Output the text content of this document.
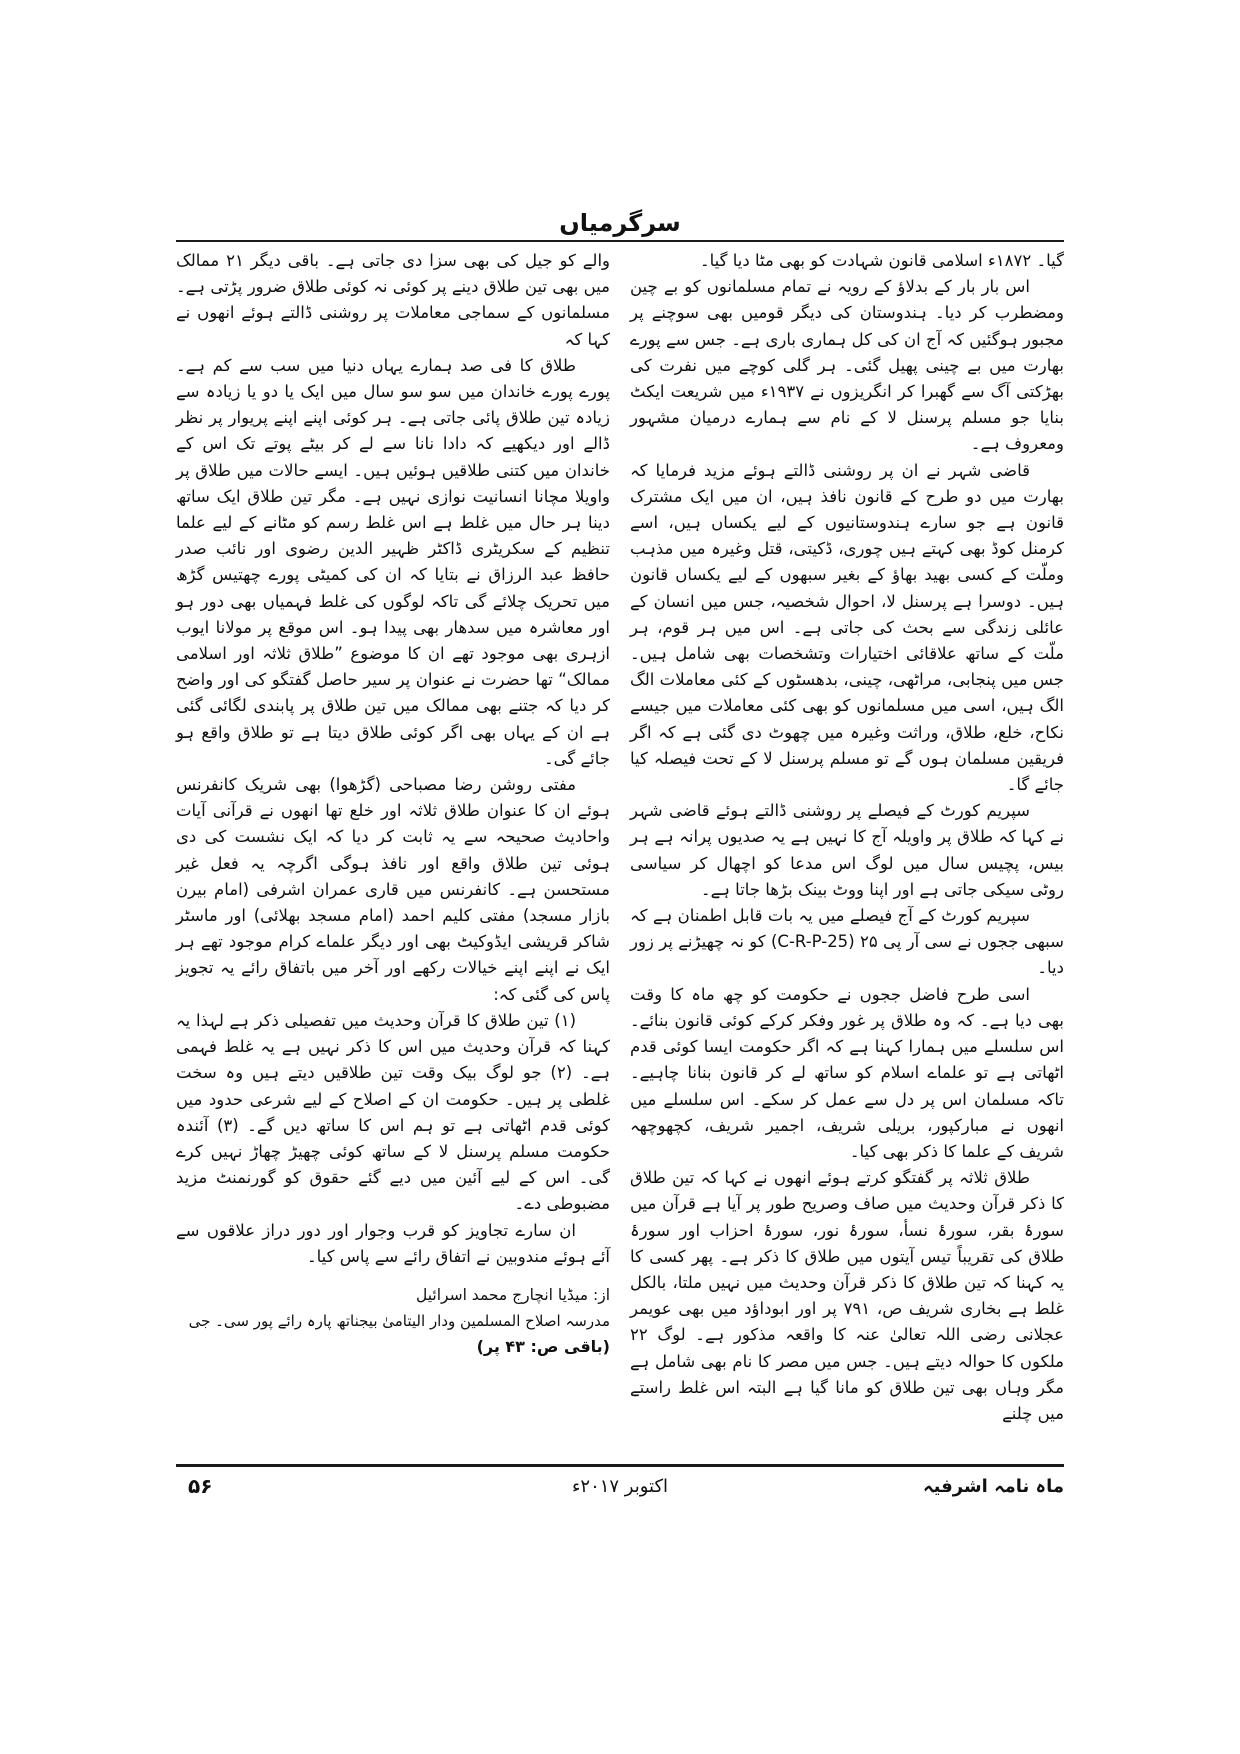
سرگرمیاں

گیا۔ ۱۸۷۲ء اسلامی قانون شہادت کو بھی مٹا دیا گیا۔

اس بار بار کے بدلاؤ کے رویہ نے تمام مسلمانوں کو بے چین ومضطرب کر دیا۔ ہندوستان کی دیگر قومیں بھی سوچنے پر مجبور ہوگئیں کہ آج ان کی کل ہماری باری ہے۔ جس سے پورے بھارت میں بے چینی پھیل گئی۔ ہر گلی کوچے میں نفرت کی بھڑکتی آگ سے گھبرا کر انگریزوں نے ۱۹۳۷ء میں شریعت ایکٹ بنایا جو مسلم پرسنل لا کے نام سے ہمارے درمیان مشہور ومعروف ہے۔

قاضی شہر نے ان پر روشنی ڈالتے ہوئے مزید فرمایا کہ بھارت میں دو طرح کے قانون نافذ ہیں، ان میں ایک مشترک قانون ہے جو سارے ہندوستانیوں کے لیے یکساں ہیں، اسے کرمنل کوڈ بھی کہتے ہیں چوری، ڈکیتی، قتل وغیرہ میں مذہب وملّت کے کسی بھید بھاؤ کے بغیر سبھوں کے لیے یکساں قانون ہیں۔ دوسرا ہے پرسنل لا، احوال شخصیہ، جس میں انسان کے عائلی زندگی سے بحث کی جاتی ہے۔ اس میں ہر قوم، ہر ملّت کے ساتھ علاقائی اختیارات وتشخصات بھی شامل ہیں۔ جس میں پنجابی، مراٹھی، چینی، بدھسٹوں کے کئی معاملات الگ الگ ہیں، اسی میں مسلمانوں کو بھی کئی معاملات میں جیسے نکاح، خلع، طلاق، وراثت وغیرہ میں چھوٹ دی گئی ہے کہ اگر فریقین مسلمان ہوں گے تو مسلم پرسنل لا کے تحت فیصلہ کیا جائے گا۔

سپریم کورٹ کے فیصلے پر روشنی ڈالتے ہوئے قاضی شہر نے کہا کہ طلاق پر واویلہ آج کا نہیں ہے یہ صدیوں پرانہ ہے ہر بیس، پچیس سال میں لوگ اس مدعا کو اچھال کر سیاسی روٹی سیکی جاتی ہے اور اپنا ووٹ بینک بڑھا جاتا ہے۔

سپریم کورٹ کے آج فیصلے میں یہ بات قابل اطمنان ہے کہ سبھی ججوں نے سی آر پی ۲۵ (C-R-P-25) کو نہ چھیڑنے پر زور دیا۔

اسی طرح فاضل ججوں نے حکومت کو چھ ماہ کا وقت بھی دیا ہے۔ کہ وہ طلاق پر غور وفکر کرکے کوئی قانون بنائے۔ اس سلسلے میں ہمارا کہنا ہے کہ اگر حکومت ایسا کوئی قدم اٹھاتی ہے تو علماے اسلام کو ساتھ لے کر قانون بنانا چاہیے۔ تاکہ مسلمان اس پر دل سے عمل کر سکے۔ اس سلسلے میں انھوں نے مبارکپور، بریلی شریف، اجمیر شریف، کچھوچھہ شریف کے علما کا ذکر بھی کیا۔

طلاق ثلاثہ پر گفتگو کرتے ہوئے انھوں نے کہا کہ تین طلاق کا ذکر قرآن وحدیث میں صاف وصریح طور پر آیا ہے قرآن میں سورۂ بقر، سورۂ نسأ، سورۂ نور، سورۂ احزاب اور سورۂ طلاق کی تقریباً تیس آیتوں میں طلاق کا ذکر ہے۔ پھر کسی کا یہ کہنا کہ تین طلاق کا ذکر قرآن وحدیث میں نہیں ملتا، بالکل غلط ہے بخاری شریف ص، ۷۹۱ پر اور ابوداؤد میں بھی عویمر عجلانی رضی اللہ تعالیٰ عنہ کا واقعہ مذکور ہے۔ لوگ ۲۲ ملکوں کا حوالہ دیتے ہیں۔ جس میں مصر کا نام بھی شامل ہے مگر وہاں بھی تین طلاق کو مانا گیا ہے البتہ اس غلط راستے میں چلنے

والے کو جیل کی بھی سزا دی جاتی ہے۔ باقی دیگر ۲۱ ممالک میں بھی تین طلاق دینے پر کوئی نہ کوئی طلاق ضرور پڑتی ہے۔ مسلمانوں کے سماجی معاملات پر روشنی ڈالتے ہوئے انھوں نے کہا کہ

طلاق کا فی صد ہمارے یہاں دنیا میں سب سے کم ہے۔ پورے پورے خاندان میں سو سو سال میں ایک یا دو یا زیادہ سے زیادہ تین طلاق پائی جاتی ہے۔ ہر کوئی اپنے اپنے پریوار پر نظر ڈالے اور دیکھیے کہ دادا نانا سے لے کر بیٹے پوتے تک اس کے خاندان میں کتنی طلاقیں ہوئیں ہیں۔ ایسے حالات میں طلاق پر واویلا مچانا انسانیت نوازی نہیں ہے۔ مگر تین طلاق ایک ساتھ دینا ہر حال میں غلط ہے اس غلط رسم کو مٹانے کے لیے علما تنظیم کے سکریٹری ڈاکٹر ظہیر الدین رضوی اور نائب صدر حافظ عبد الرزاق نے بتایا کہ ان کی کمیٹی پورے چھتیس گڑھ میں تحریک چلائے گی تاکہ لوگوں کی غلط فہمیاں بھی دور ہو اور معاشرہ میں سدھار بھی پیدا ہو۔ اس موقع پر مولانا ایوب ازہری بھی موجود تھے ان کا موضوع ”طلاق ثلاثہ اور اسلامی ممالک“ تھا حضرت نے عنوان پر سیر حاصل گفتگو کی اور واضح کر دیا کہ جتنے بھی ممالک میں تین طلاق پر پابندی لگائی گئی ہے ان کے یہاں بھی اگر کوئی طلاق دیتا ہے تو طلاق واقع ہو جائے گی۔

مفتی روشن رضا مصباحی (گڑھوا) بھی شریک کانفرنس ہوئے ان کا عنوان طلاق ثلاثہ اور خلع تھا انھوں نے قرآنی آیات واحادیث صحیحہ سے یہ ثابت کر دیا کہ ایک نشست کی دی ہوئی تین طلاق واقع اور نافذ ہوگی اگرچہ یہ فعل غیر مستحسن ہے۔ کانفرنس میں قاری عمران اشرفی (امام بیرن بازار مسجد) مفتی کلیم احمد (امام مسجد بھلائی) اور ماسٹر شاکر قریشی ایڈوکیٹ بھی اور دیگر علماے کرام موجود تھے ہر ایک نے اپنے اپنے خیالات رکھے اور آخر میں باتفاق رائے یہ تجویز پاس کی گئی کہ:

(۱) تین طلاق کا قرآن وحدیث میں تفصیلی ذکر ہے لہذا یہ کہنا کہ قرآن وحدیث میں اس کا ذکر نہیں ہے یہ غلط فہمی ہے۔ (۲) جو لوگ بیک وقت تین طلاقیں دیتے ہیں وہ سخت غلطی پر ہیں۔ حکومت ان کے اصلاح کے لیے شرعی حدود میں کوئی قدم اٹھاتی ہے تو ہم اس کا ساتھ دیں گے۔ (۳) آئندہ حکومت مسلم پرسنل لا کے ساتھ کوئی چھیڑ چھاڑ نہیں کرے گی۔ اس کے لیے آئین میں دیے گئے حقوق کو گورنمنٹ مزید مضبوطی دے۔

ان سارے تجاویز کو قرب وجوار اور دور دراز علاقوں سے آئے ہوئے مندوبین نے اتفاق رائے سے پاس کیا۔

از: میڈیا انچارج محمد اسرائیل

مدرسہ اصلاح المسلمین ودار الیتامیٰ بیجناتھ پارہ رائے پور سی۔ جی

(باقی ص: ۴۳ پر)

ماہ نامہ اشرفیہ
اکتوبر ۲۰۱۷ء
۵۶
